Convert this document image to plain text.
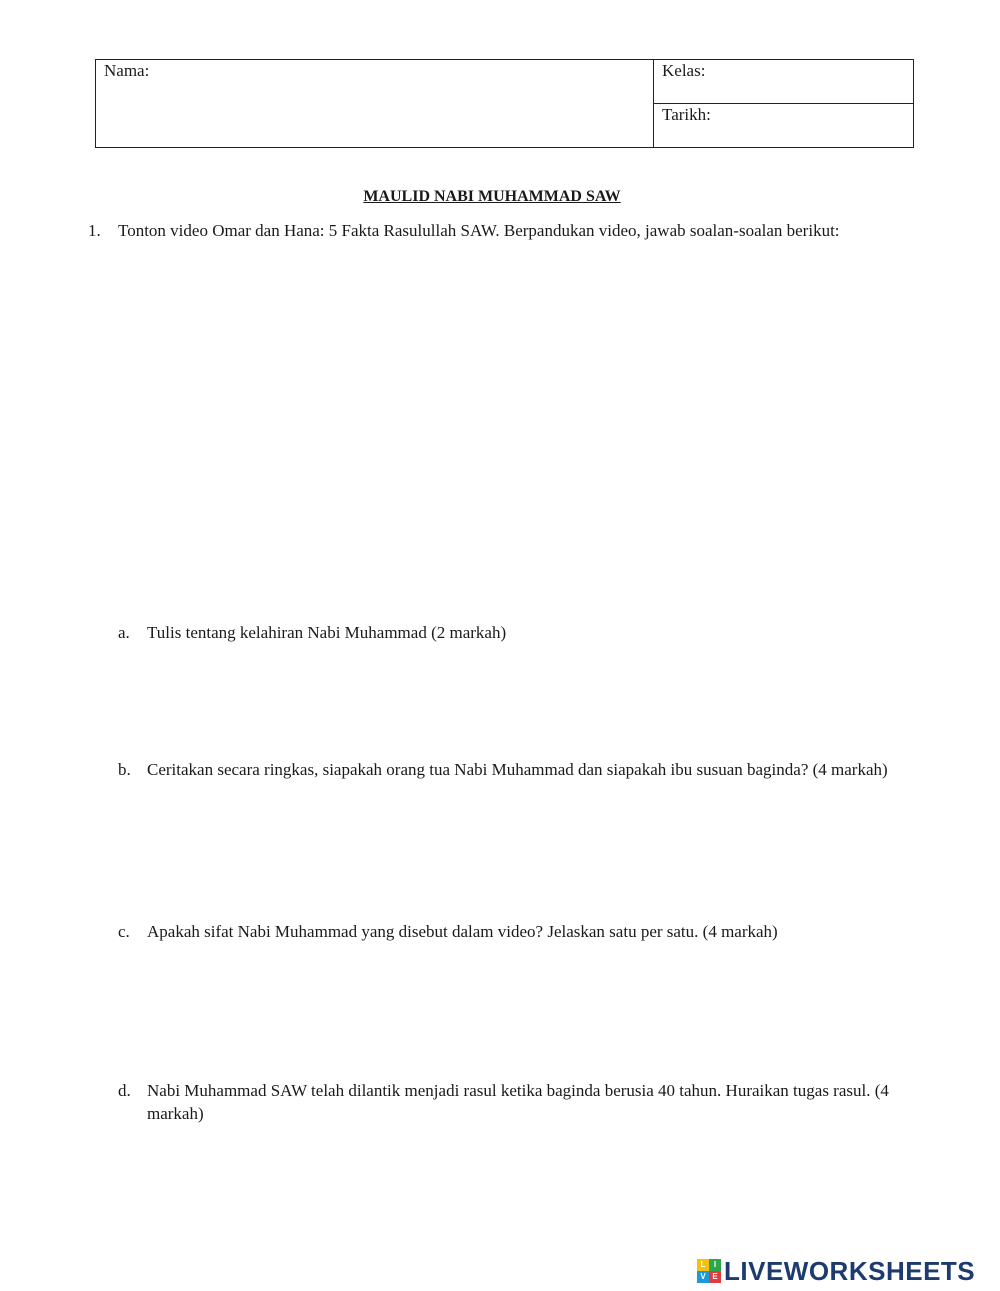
Nama:	Kelas:
Tarikh:
MAULID NABI MUHAMMAD SAW
1. Tonton video Omar dan Hana: 5 Fakta Rasulullah SAW. Berpandukan video, jawab soalan-soalan berikut:
a. Tulis tentang kelahiran Nabi Muhammad (2 markah)
b. Ceritakan secara ringkas, siapakah orang tua Nabi Muhammad dan siapakah ibu susuan baginda? (4 markah)
c. Apakah sifat Nabi Muhammad yang disebut dalam video? Jelaskan satu per satu. (4 markah)
d. Nabi Muhammad SAW telah dilantik menjadi rasul ketika baginda berusia 40 tahun. Huraikan tugas rasul. (4 markah)
L	I
V E LIVEWORKSHEETS
